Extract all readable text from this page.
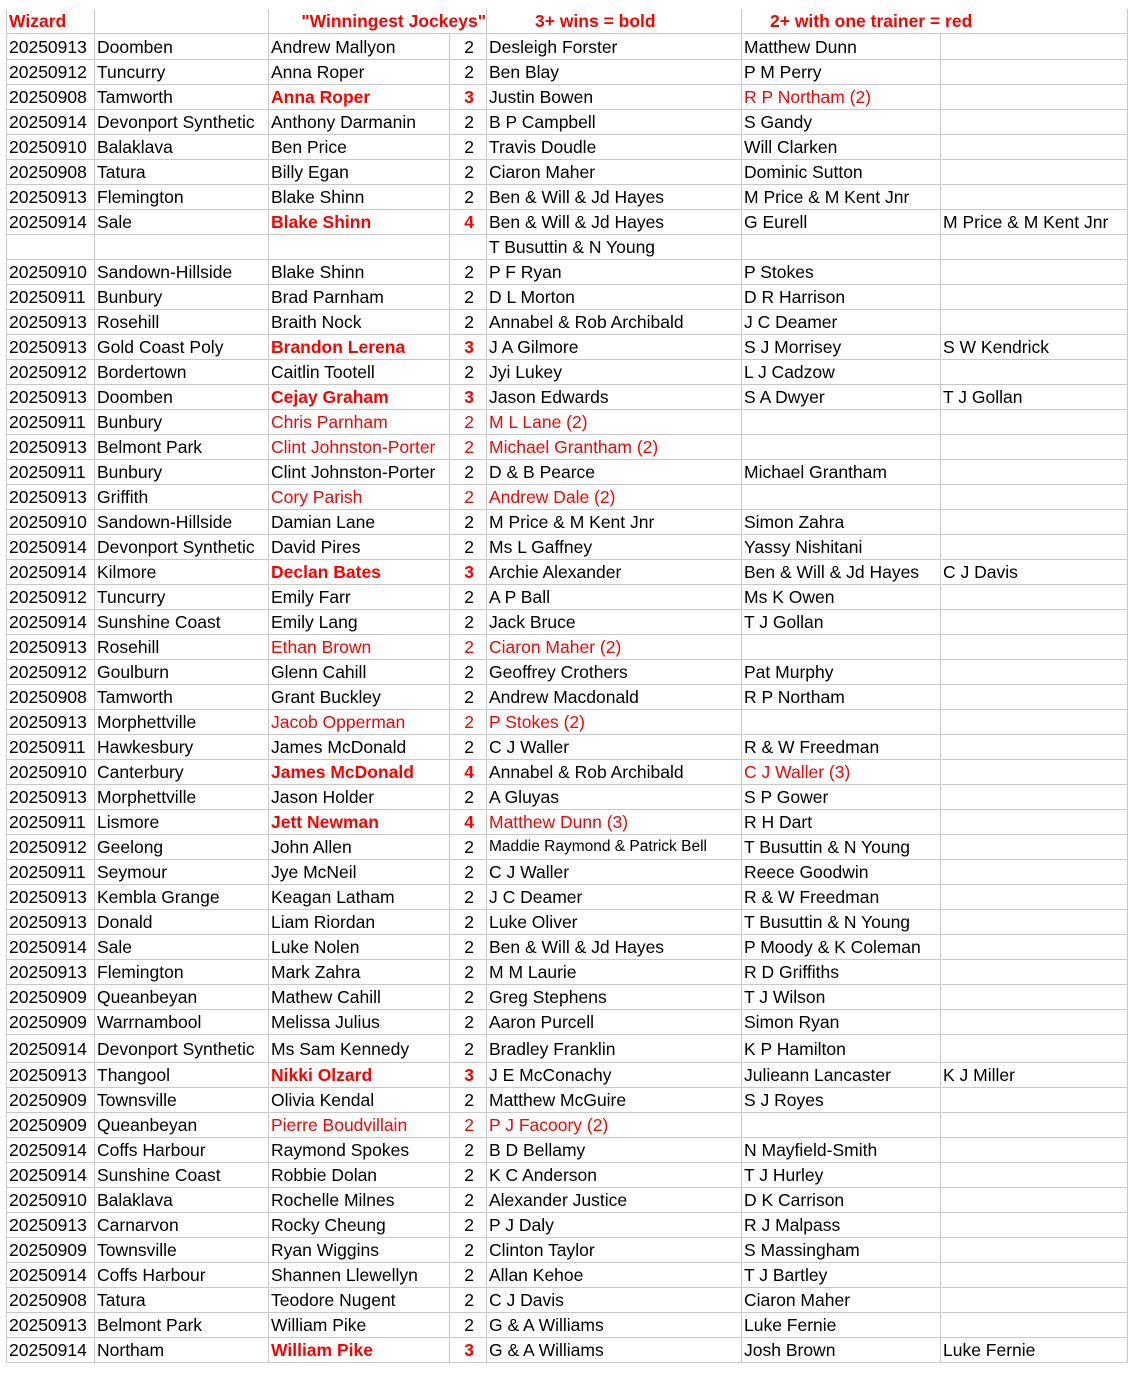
Wizard		"Winningest Jockeys"		3+ wins = bold	2+ with one trainer = red	
20250913	Doomben	Andrew Mallyon	2	Desleigh Forster	Matthew Dunn	
20250912	Tuncurry	Anna Roper	2	Ben Blay	P M Perry	
20250908	Tamworth	Anna Roper	3	Justin Bowen	R P Northam (2)	
20250914	Devonport Synthetic	Anthony Darmanin	2	B P Campbell	S Gandy	
20250910	Balaklava	Ben Price	2	Travis Doudle	Will Clarken	
20250908	Tatura	Billy Egan	2	Ciaron Maher	Dominic Sutton	
20250913	Flemington	Blake Shinn	2	Ben & Will & Jd Hayes	M Price & M Kent Jnr	
20250914	Sale	Blake Shinn	4	Ben & Will & Jd Hayes	G Eurell	M Price & M Kent Jnr
				T Busuttin & N Young		
20250910	Sandown-Hillside	Blake Shinn	2	P F Ryan	P Stokes	
20250911	Bunbury	Brad Parnham	2	D L Morton	D R Harrison	
20250913	Rosehill	Braith Nock	2	Annabel & Rob Archibald	J C Deamer	
20250913	Gold Coast Poly	Brandon Lerena	3	J A Gilmore	S J Morrisey	S W Kendrick
20250912	Bordertown	Caitlin Tootell	2	Jyi Lukey	L J Cadzow	
20250913	Doomben	Cejay Graham	3	Jason Edwards	S A Dwyer	T J Gollan
20250911	Bunbury	Chris Parnham	2	M L Lane (2)		
20250913	Belmont Park	Clint Johnston-Porter	2	Michael Grantham (2)		
20250911	Bunbury	Clint Johnston-Porter	2	D & B Pearce	Michael Grantham	
20250913	Griffith	Cory Parish	2	Andrew Dale (2)		
20250910	Sandown-Hillside	Damian Lane	2	M Price & M Kent Jnr	Simon Zahra	
20250914	Devonport Synthetic	David Pires	2	Ms L Gaffney	Yassy Nishitani	
20250914	Kilmore	Declan Bates	3	Archie Alexander	Ben & Will & Jd Hayes	C J Davis
20250912	Tuncurry	Emily Farr	2	A P Ball	Ms K Owen	
20250914	Sunshine Coast	Emily Lang	2	Jack Bruce	T J Gollan	
20250913	Rosehill	Ethan Brown	2	Ciaron Maher (2)		
20250912	Goulburn	Glenn Cahill	2	Geoffrey Crothers	Pat Murphy	
20250908	Tamworth	Grant Buckley	2	Andrew Macdonald	R P Northam	
20250913	Morphettville	Jacob Opperman	2	P Stokes (2)		
20250911	Hawkesbury	James McDonald	2	C J Waller	R & W Freedman	
20250910	Canterbury	James McDonald	4	Annabel & Rob Archibald	C J Waller (3)	
20250913	Morphettville	Jason Holder	2	A Gluyas	S P Gower	
20250911	Lismore	Jett Newman	4	Matthew Dunn (3)	R H Dart	
20250912	Geelong	John Allen	2	Maddie Raymond & Patrick Bell	T Busuttin & N Young	
20250911	Seymour	Jye McNeil	2	C J Waller	Reece Goodwin	
20250913	Kembla Grange	Keagan Latham	2	J C Deamer	R & W Freedman	
20250913	Donald	Liam Riordan	2	Luke Oliver	T Busuttin & N Young	
20250914	Sale	Luke Nolen	2	Ben & Will & Jd Hayes	P Moody & K Coleman	
20250913	Flemington	Mark Zahra	2	M M Laurie	R D Griffiths	
20250909	Queanbeyan	Mathew Cahill	2	Greg Stephens	T J Wilson	
20250909	Warrnambool	Melissa Julius	2	Aaron Purcell	Simon Ryan	
20250914	Devonport Synthetic	Ms Sam Kennedy	2	Bradley Franklin	K P Hamilton	
20250913	Thangool	Nikki Olzard	3	J E McConachy	Julieann Lancaster	K J Miller
20250909	Townsville	Olivia Kendal	2	Matthew McGuire	S J Royes	
20250909	Queanbeyan	Pierre Boudvillain	2	P J Facoory (2)		
20250914	Coffs Harbour	Raymond Spokes	2	B D Bellamy	N Mayfield-Smith	
20250914	Sunshine Coast	Robbie Dolan	2	K C Anderson	T J Hurley	
20250910	Balaklava	Rochelle Milnes	2	Alexander Justice	D K Carrison	
20250913	Carnarvon	Rocky Cheung	2	P J Daly	R J Malpass	
20250909	Townsville	Ryan Wiggins	2	Clinton Taylor	S Massingham	
20250914	Coffs Harbour	Shannen Llewellyn	2	Allan Kehoe	T J Bartley	
20250908	Tatura	Teodore Nugent	2	C J Davis	Ciaron Maher	
20250913	Belmont Park	William Pike	2	G & A Williams	Luke Fernie	
20250914	Northam	William Pike	3	G & A Williams	Josh Brown	Luke Fernie
